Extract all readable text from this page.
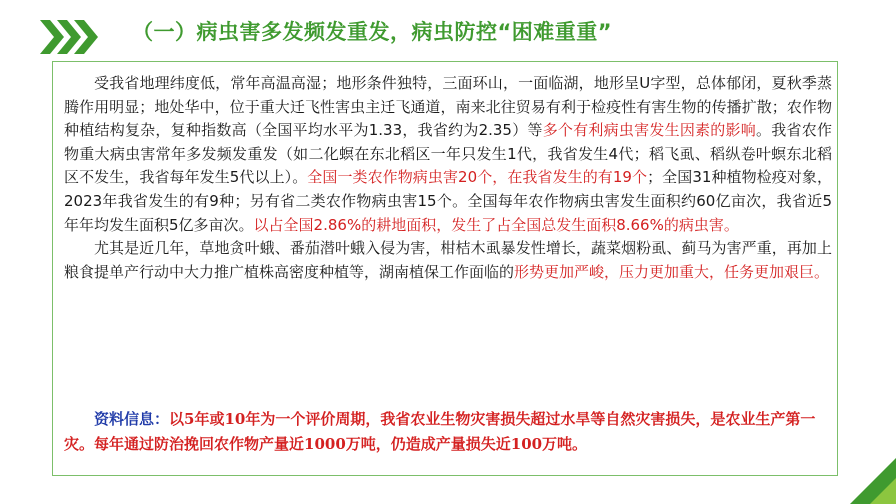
（一）病虫害多发频发重发，病虫防控“困难重重”

受我省地理纬度低，常年高温高湿；地形条件独特，三面环山，一面临湖，地形呈U字型，总体郁闭，夏秋季蒸腾作用明显；地处华中，位于重大迁飞性害虫主迁飞通道，南来北往贸易有利于检疫性有害生物的传播扩散；农作物种植结构复杂，复种指数高（全国平均水平为1.33，我省约为2.35）等多个有利病虫害发生因素的影响。我省农作物重大病虫害常年多发频发重发（如二化螟在东北稻区一年只发生1代，我省发生4代；稻飞虱、稻纵卷叶螟东北稻区不发生，我省每年发生5代以上）。全国一类农作物病虫害20个，在我省发生的有19个；全国31种植物检疫对象，2023年我省发生的有9种；另有省二类农作物病虫害15个。全国每年农作物病虫害发生面积约60亿亩次，我省近5年年均发生面积5亿多亩次。以占全国2.86%的耕地面积，发生了占全国总发生面积8.66%的病虫害。

尤其是近几年，草地贪叶蛾、番茄潜叶蛾入侵为害，柑桔木虱暴发性增长，蔬菜烟粉虱、蓟马为害严重，再加上粮食提单产行动中大力推广植株高密度种植等，湖南植保工作面临的形势更加严峻，压力更加重大，任务更加艰巨。

资料信息：以5年或10年为一个评价周期，我省农业生物灾害损失超过水旱等自然灾害损失，是农业生产第一灾。每年通过防治挽回农作物产量近1000万吨，仍造成产量损失近100万吨。
